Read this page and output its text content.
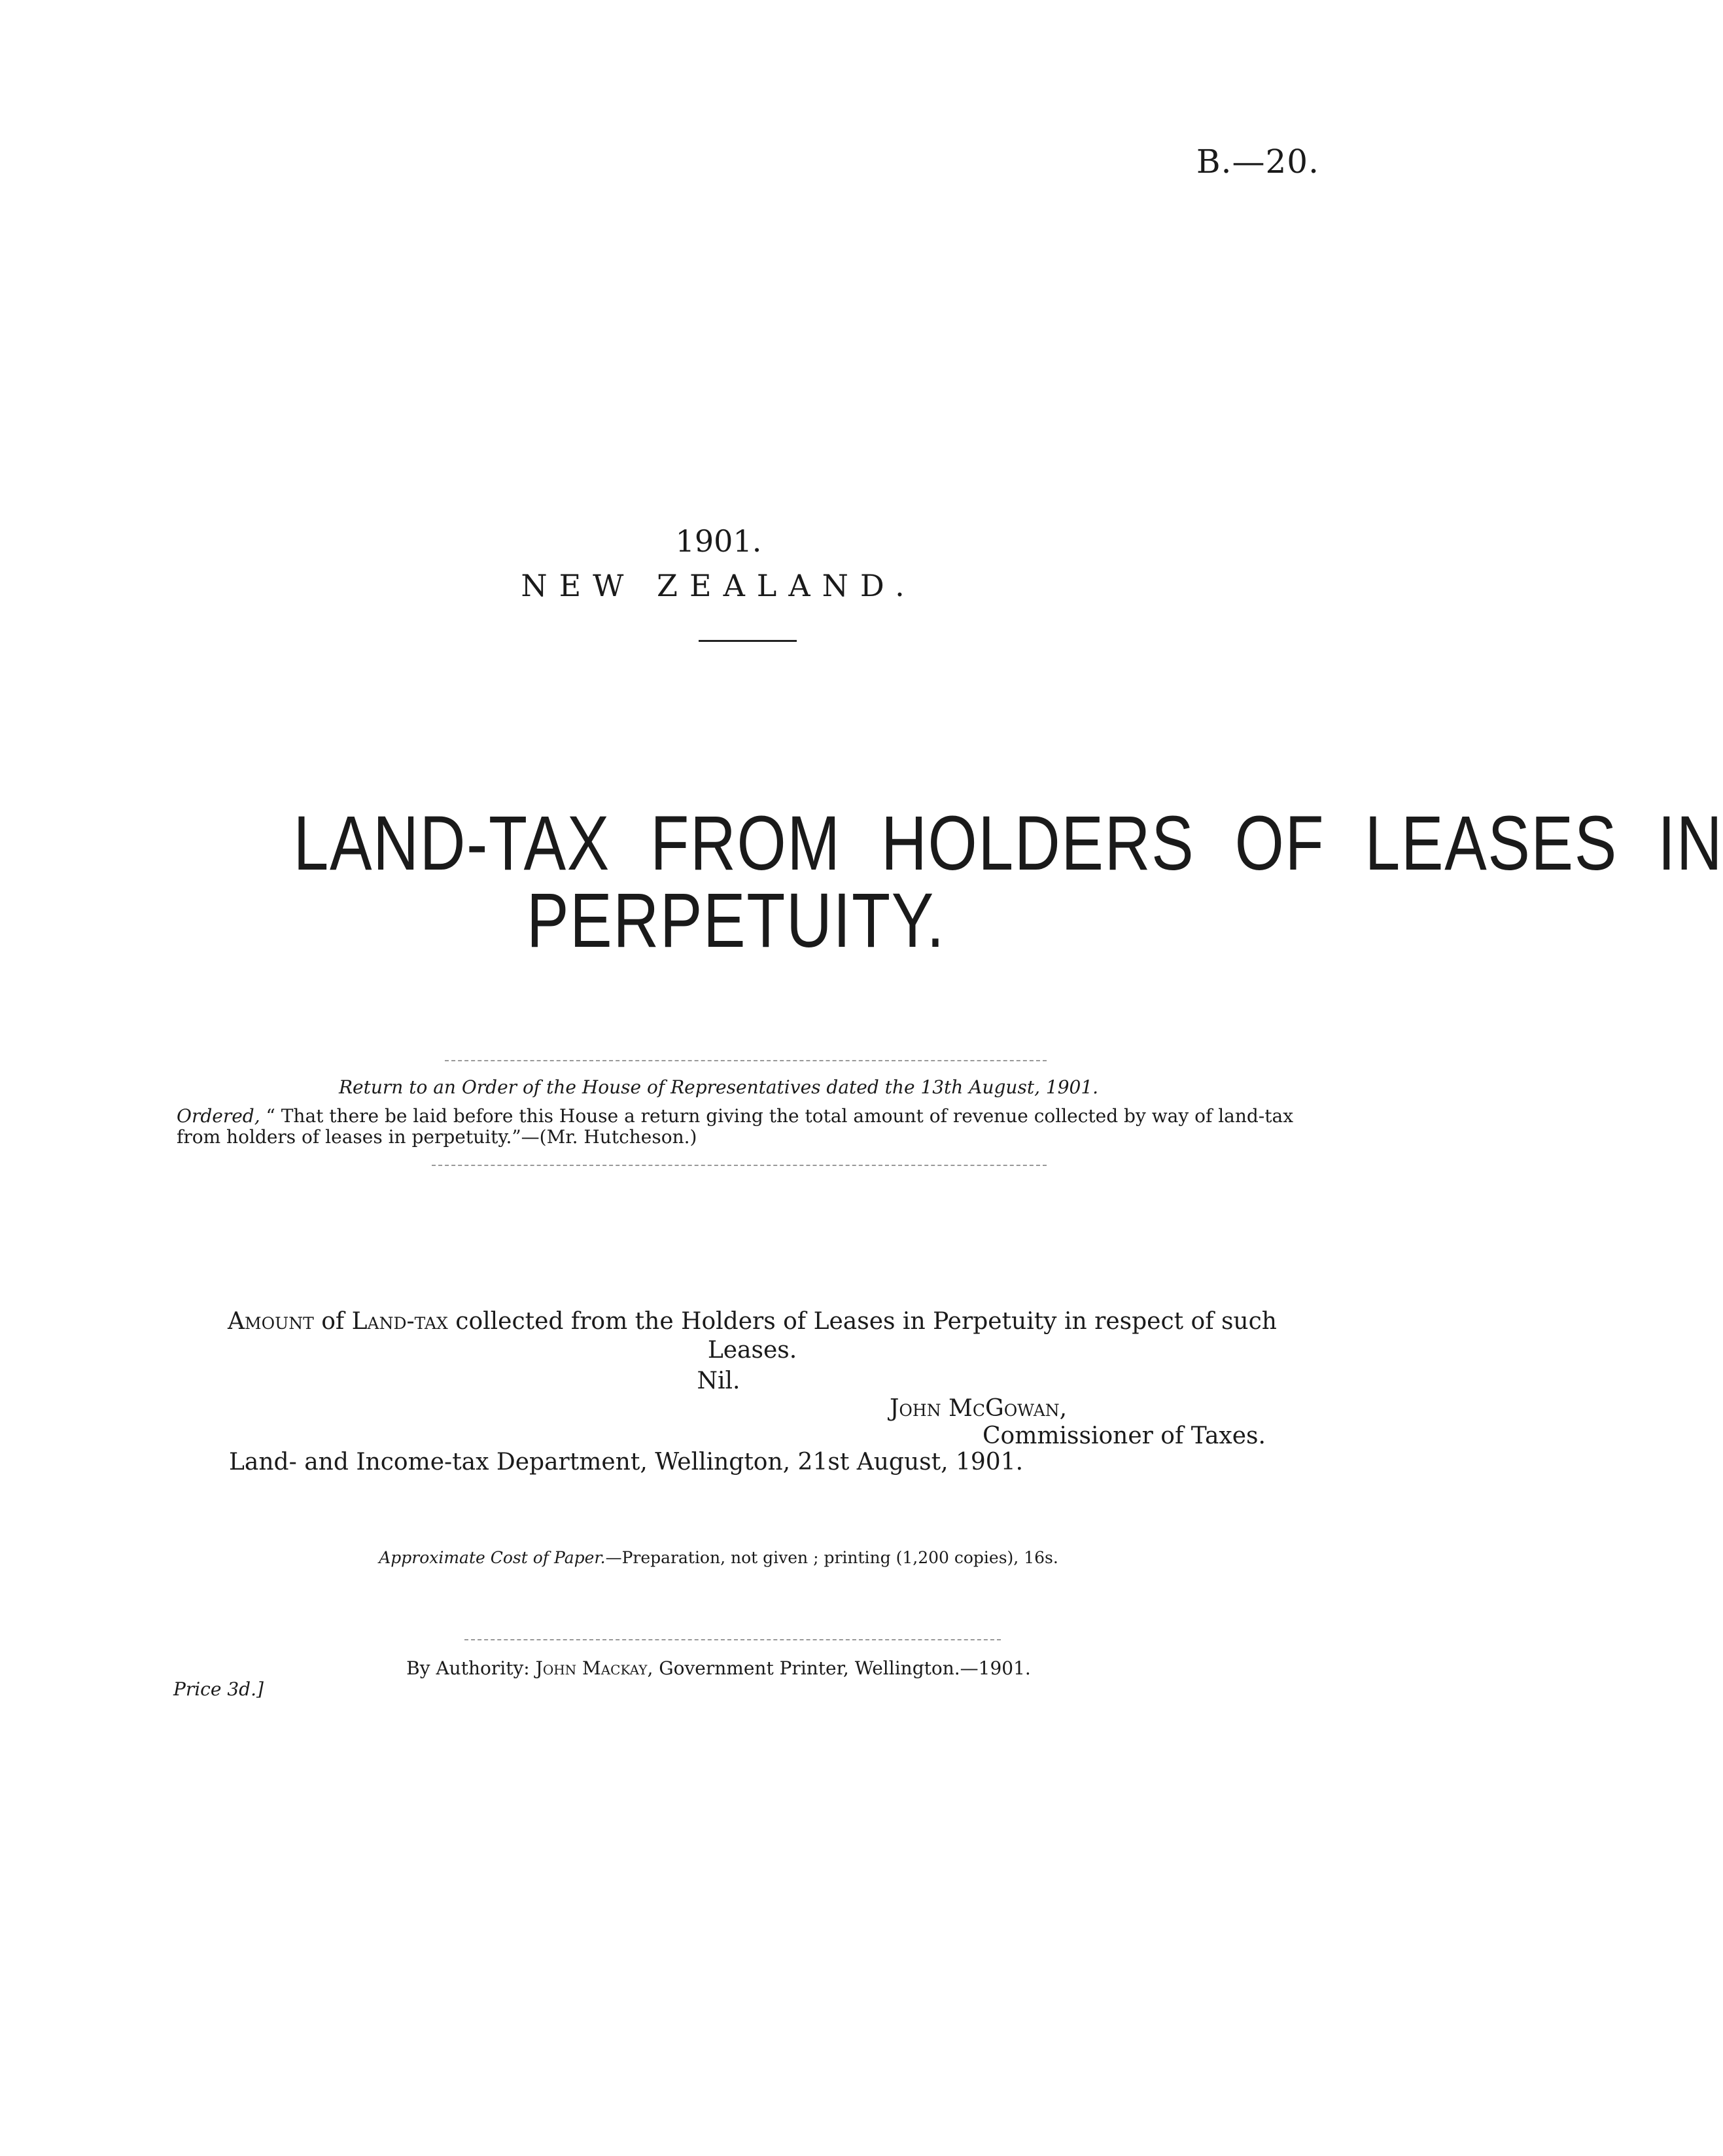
B.—20.
1901.
NEW ZEALAND.
LAND-TAX FROM HOLDERS OF LEASES IN
PERPETUITY.
Return to an Order of the House of Representatives dated the 13th August, 1901.
Ordered, “ That there be laid before this House a return giving the total amount of revenue collected by way of land-tax from holders of leases in perpetuity.”—(Mr. Hutcheson.)
Amount of Land-tax collected from the Holders of Leases in Perpetuity in respect of such Leases.
Nil.
John McGowan,
Commissioner of Taxes.
Land- and Income-tax Department, Wellington, 21st August, 1901.
Approximate Cost of Paper.—Preparation, not given ; printing (1,200 copies), 16s.
Price 3d.]
By Authority: John Mackay, Government Printer, Wellington.—1901.
